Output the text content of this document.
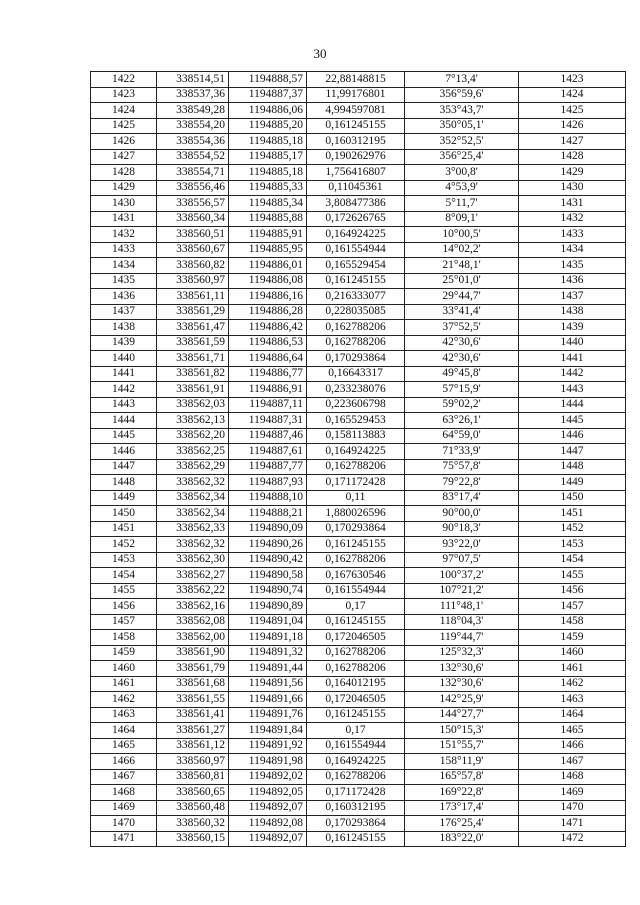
30
1422	338514,51	1194888,57	22,88148815	7°13,4'	1423
1423	338537,36	1194887,37	11,99176801	356°59,6'	1424
1424	338549,28	1194886,06	4,994597081	353°43,7'	1425
1425	338554,20	1194885,20	0,161245155	350°05,1'	1426
1426	338554,36	1194885,18	0,160312195	352°52,5'	1427
1427	338554,52	1194885,17	0,190262976	356°25,4'	1428
1428	338554,71	1194885,18	1,756416807	3°00,8'	1429
1429	338556,46	1194885,33	0,11045361	4°53,9'	1430
1430	338556,57	1194885,34	3,808477386	5°11,7'	1431
1431	338560,34	1194885,88	0,172626765	8°09,1'	1432
1432	338560,51	1194885,91	0,164924225	10°00,5'	1433
1433	338560,67	1194885,95	0,161554944	14°02,2'	1434
1434	338560,82	1194886,01	0,165529454	21°48,1'	1435
1435	338560,97	1194886,08	0,161245155	25°01,0'	1436
1436	338561,11	1194886,16	0,216333077	29°44,7'	1437
1437	338561,29	1194886,28	0,228035085	33°41,4'	1438
1438	338561,47	1194886,42	0,162788206	37°52,5'	1439
1439	338561,59	1194886,53	0,162788206	42°30,6'	1440
1440	338561,71	1194886,64	0,170293864	42°30,6'	1441
1441	338561,82	1194886,77	0,16643317	49°45,8'	1442
1442	338561,91	1194886,91	0,233238076	57°15,9'	1443
1443	338562,03	1194887,11	0,223606798	59°02,2'	1444
1444	338562,13	1194887,31	0,165529453	63°26,1'	1445
1445	338562,20	1194887,46	0,158113883	64°59,0'	1446
1446	338562,25	1194887,61	0,164924225	71°33,9'	1447
1447	338562,29	1194887,77	0,162788206	75°57,8'	1448
1448	338562,32	1194887,93	0,171172428	79°22,8'	1449
1449	338562,34	1194888,10	0,11	83°17,4'	1450
1450	338562,34	1194888,21	1,880026596	90°00,0'	1451
1451	338562,33	1194890,09	0,170293864	90°18,3'	1452
1452	338562,32	1194890,26	0,161245155	93°22,0'	1453
1453	338562,30	1194890,42	0,162788206	97°07,5'	1454
1454	338562,27	1194890,58	0,167630546	100°37,2'	1455
1455	338562,22	1194890,74	0,161554944	107°21,2'	1456
1456	338562,16	1194890,89	0,17	111°48,1'	1457
1457	338562,08	1194891,04	0,161245155	118°04,3'	1458
1458	338562,00	1194891,18	0,172046505	119°44,7'	1459
1459	338561,90	1194891,32	0,162788206	125°32,3'	1460
1460	338561,79	1194891,44	0,162788206	132°30,6'	1461
1461	338561,68	1194891,56	0,164012195	132°30,6'	1462
1462	338561,55	1194891,66	0,172046505	142°25,9'	1463
1463	338561,41	1194891,76	0,161245155	144°27,7'	1464
1464	338561,27	1194891,84	0,17	150°15,3'	1465
1465	338561,12	1194891,92	0,161554944	151°55,7'	1466
1466	338560,97	1194891,98	0,164924225	158°11,9'	1467
1467	338560,81	1194892,02	0,162788206	165°57,8'	1468
1468	338560,65	1194892,05	0,171172428	169°22,8'	1469
1469	338560,48	1194892,07	0,160312195	173°17,4'	1470
1470	338560,32	1194892,08	0,170293864	176°25,4'	1471
1471	338560,15	1194892,07	0,161245155	183°22,0'	1472
